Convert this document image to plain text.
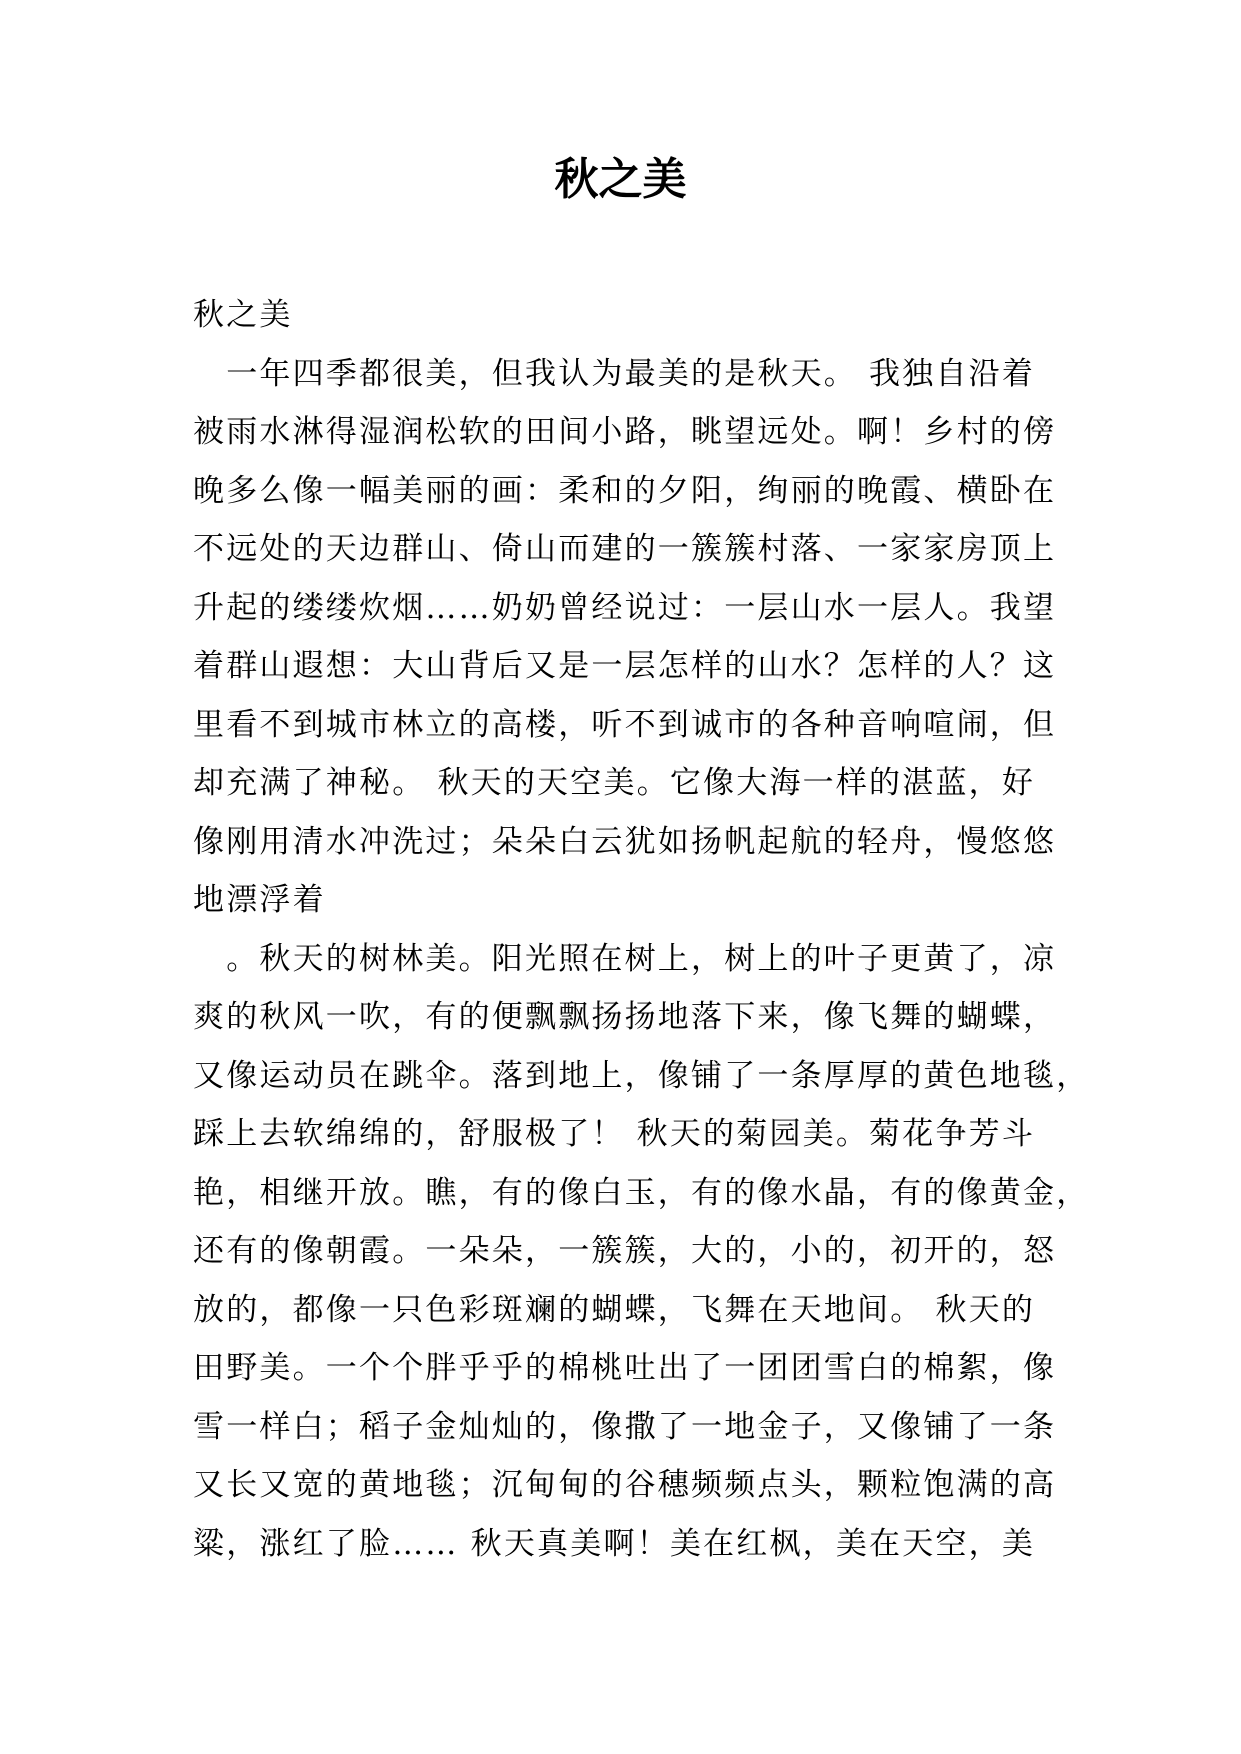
秋之美
秋之美
　一年四季都很美，但我认为最美的是秋天。 我独自沿着
被雨水淋得湿润松软的田间小路，眺望远处。啊！乡村的傍
晚多么像一幅美丽的画：柔和的夕阳，绚丽的晚霞、横卧在
不远处的天边群山、倚山而建的一簇簇村落、一家家房顶上
升起的缕缕炊烟……奶奶曾经说过：一层山水一层人。我望
着群山遐想：大山背后又是一层怎样的山水？怎样的人？这
里看不到城市林立的高楼，听不到诚市的各种音响喧闹，但
却充满了神秘。 秋天的天空美。它像大海一样的湛蓝，好
像刚用清水冲洗过；朵朵白云犹如扬帆起航的轻舟，慢悠悠
地漂浮着
　。秋天的树林美。阳光照在树上，树上的叶子更黄了，凉
爽的秋风一吹，有的便飘飘扬扬地落下来，像飞舞的蝴蝶，
又像运动员在跳伞。落到地上，像铺了一条厚厚的黄色地毯，
踩上去软绵绵的，舒服极了！ 秋天的菊园美。菊花争芳斗
艳，相继开放。瞧，有的像白玉，有的像水晶，有的像黄金，
还有的像朝霞。一朵朵，一簇簇，大的，小的，初开的，怒
放的，都像一只色彩斑斓的蝴蝶，飞舞在天地间。 秋天的
田野美。一个个胖乎乎的棉桃吐出了一团团雪白的棉絮，像
雪一样白；稻子金灿灿的，像撒了一地金子，又像铺了一条
又长又宽的黄地毯；沉甸甸的谷穗频频点头，颗粒饱满的高
粱，涨红了脸…… 秋天真美啊！美在红枫，美在天空，美
